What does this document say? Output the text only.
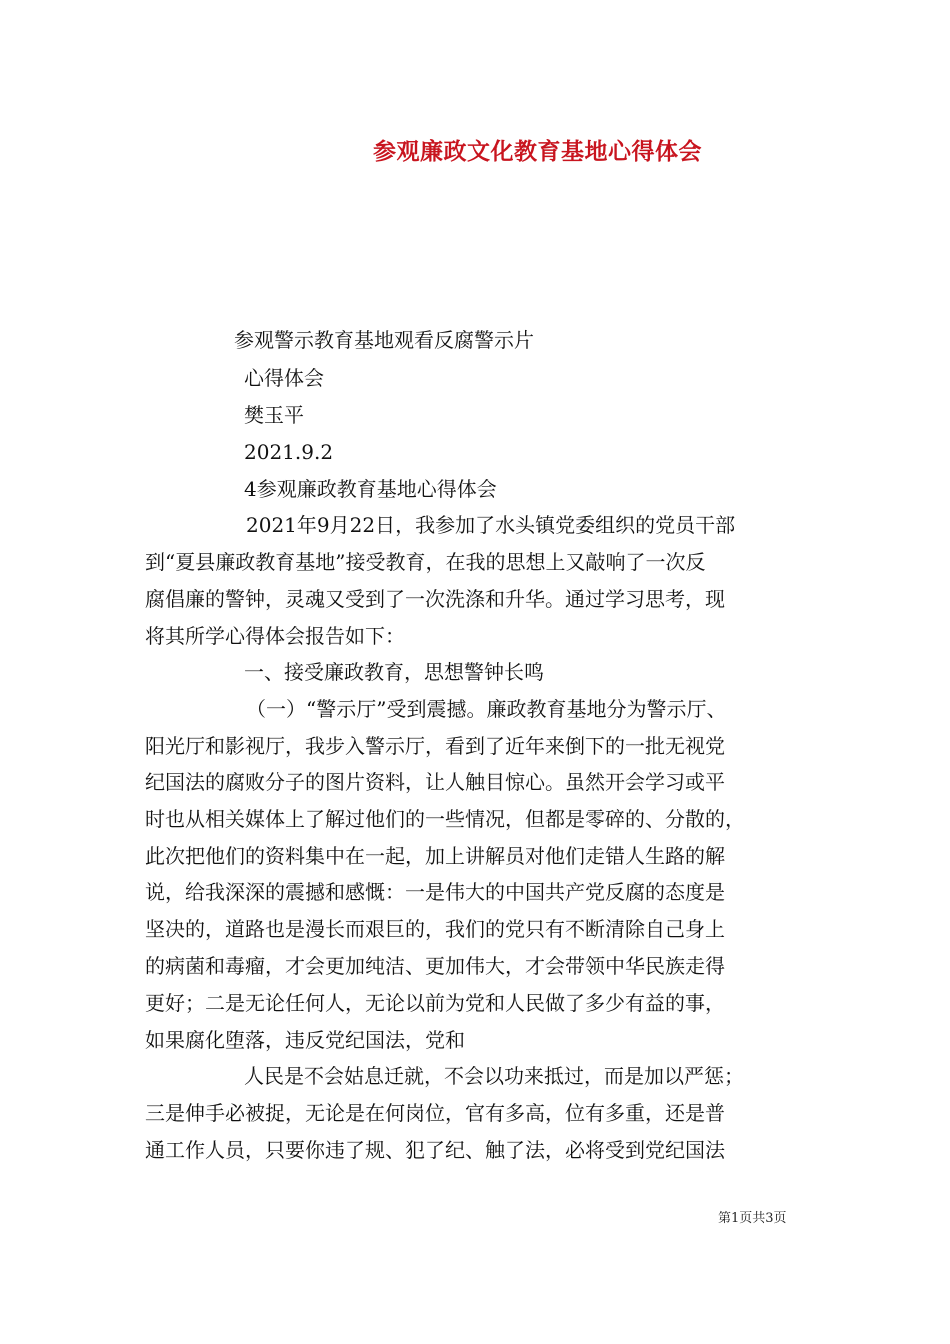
参观廉政文化教育基地心得体会
参观警示教育基地观看反腐警示片
心得体会
樊玉平
2021.9.2
4参观廉政教育基地心得体会
2021年9月22日，我参加了水头镇党委组织的党员干部
到“夏县廉政教育基地”接受教育，在我的思想上又敲响了一次反
腐倡廉的警钟，灵魂又受到了一次洗涤和升华。通过学习思考，现
将其所学心得体会报告如下：
一、接受廉政教育，思想警钟长鸣
（一）“警示厅”受到震撼。廉政教育基地分为警示厅、
阳光厅和影视厅，我步入警示厅，看到了近年来倒下的一批无视党
纪国法的腐败分子的图片资料，让人触目惊心。虽然开会学习或平
时也从相关媒体上了解过他们的一些情况，但都是零碎的、分散的，
此次把他们的资料集中在一起，加上讲解员对他们走错人生路的解
说，给我深深的震撼和感慨：一是伟大的中国共产党反腐的态度是
坚决的，道路也是漫长而艰巨的，我们的党只有不断清除自己身上
的病菌和毒瘤，才会更加纯洁、更加伟大，才会带领中华民族走得
更好；二是无论任何人，无论以前为党和人民做了多少有益的事，
如果腐化堕落，违反党纪国法，党和
人民是不会姑息迁就，不会以功来抵过，而是加以严惩；
三是伸手必被捉，无论是在何岗位，官有多高，位有多重，还是普
通工作人员，只要你违了规、犯了纪、触了法，必将受到党纪国法
第1页共3页
